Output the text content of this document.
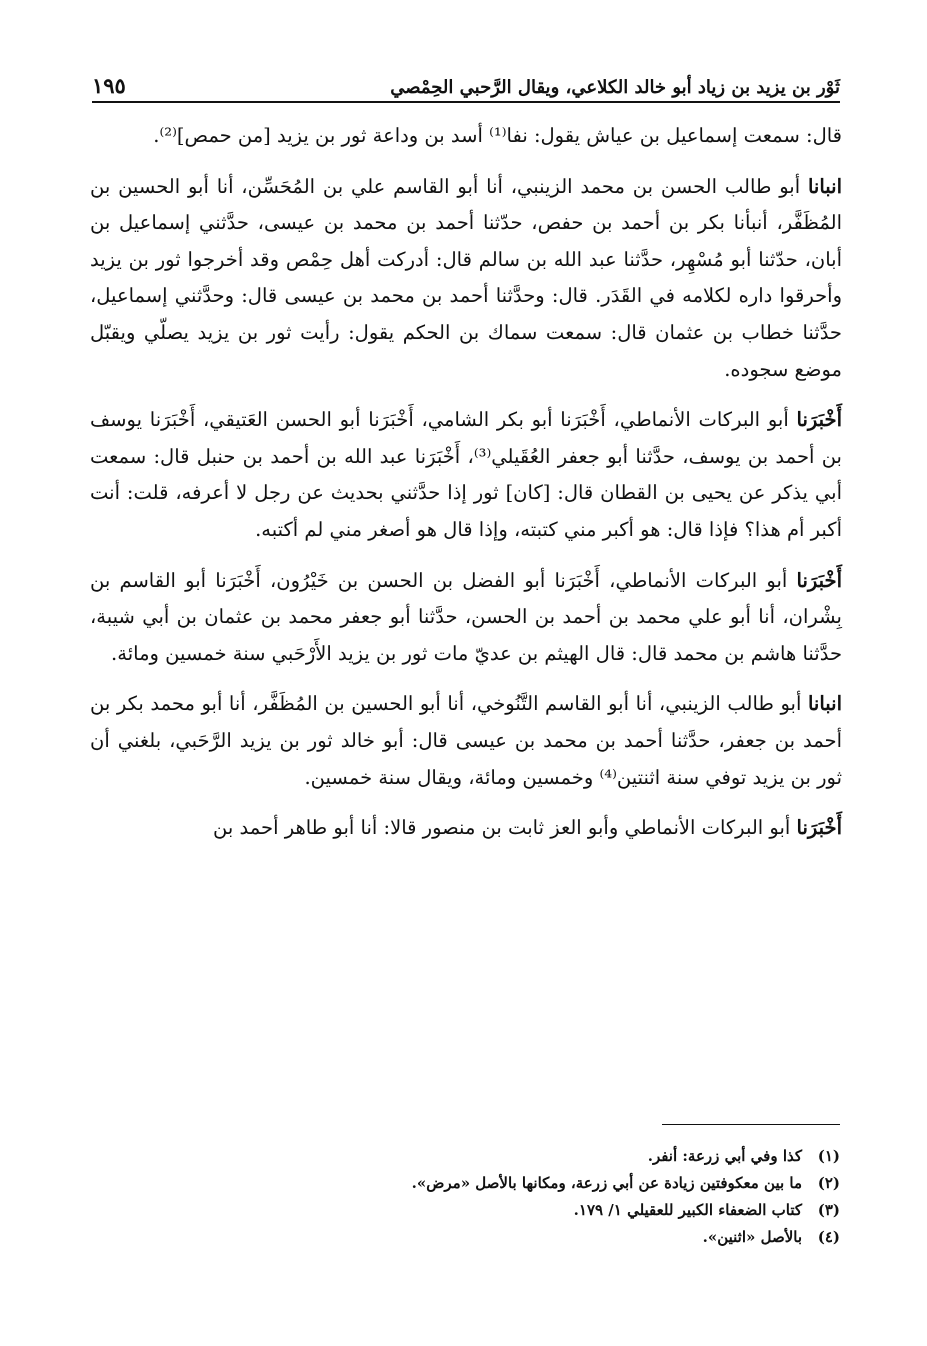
ثَوْر بن يزيد بن زياد أبو خالد الكلاعي، ويقال الرَّحبي الحِمْصي
١٩٥

قال: سمعت إسماعيل بن عياش يقول: نفا⁽¹⁾ أسد بن وداعة ثور بن يزيد [من حمص]⁽²⁾.

انبانا أبو طالب الحسن بن محمد الزينبي، أنا أبو القاسم علي بن المُحَسِّن، أنا أبو الحسين بن المُظَفَّر، أنبأنا بكر بن أحمد بن حفص، حدّثنا أحمد بن محمد بن عيسى، حدَّثني إسماعيل بن أبان، حدّثنا أبو مُسْهِر، حدَّثنا عبد الله بن سالم قال: أدركت أهل حِمْص وقد أخرجوا ثور بن يزيد وأحرقوا داره لكلامه في القَدَر. قال: وحدَّثنا أحمد بن محمد بن عيسى قال: وحدَّثني إسماعيل، حدَّثنا خطاب بن عثمان قال: سمعت سماك بن الحكم يقول: رأيت ثور بن يزيد يصلّي ويقبّل موضع سجوده.

أَخْبَرَنا أبو البركات الأنماطي، أَخْبَرَنا أبو بكر الشامي، أَخْبَرَنا أبو الحسن العَتيقي، أَخْبَرَنا يوسف بن أحمد بن يوسف، حدَّثنا أبو جعفر العُقَيلي⁽³⁾، أَخْبَرَنا عبد الله بن أحمد بن حنبل قال: سمعت أبي يذكر عن يحيى بن القطان قال: [كان] ثور إذا حدَّثني بحديث عن رجل لا أعرفه، قلت: أنت أكبر أم هذا؟ فإذا قال: هو أكبر مني كتبته، وإذا قال هو أصغر مني لم أكتبه.

أَخْبَرَنا أبو البركات الأنماطي، أَخْبَرَنا أبو الفضل بن الحسن بن خَيْرُون، أَخْبَرَنا أبو القاسم بن بِشْران، أنا أبو علي محمد بن أحمد بن الحسن، حدَّثنا أبو جعفر محمد بن عثمان بن أبي شيبة، حدَّثنا هاشم بن محمد قال: قال الهيثم بن عديّ مات ثور بن يزيد الأَرْحَبي سنة خمسين ومائة.

انبانا أبو طالب الزينبي، أنا أبو القاسم التَّنُوخي، أنا أبو الحسين بن المُظَفَّر، أنا أبو محمد بكر بن أحمد بن جعفر، حدَّثنا أحمد بن محمد بن عيسى قال: أبو خالد ثور بن يزيد الرَّحَبي، بلغني أن ثور بن يزيد توفي سنة اثنتين⁽⁴⁾ وخمسين ومائة، ويقال سنة خمسين.

أَخْبَرَنا أبو البركات الأنماطي وأبو العز ثابت بن منصور قالا: أنا أبو طاهر أحمد بن

(١)كذا وفي أبي زرعة: أنفر.
(٢)ما بين معكوفتين زيادة عن أبي زرعة، ومكانها بالأصل «مرض».
(٣)كتاب الضعفاء الكبير للعقيلي ١/ ١٧٩.
(٤)بالأصل «اثنين».
